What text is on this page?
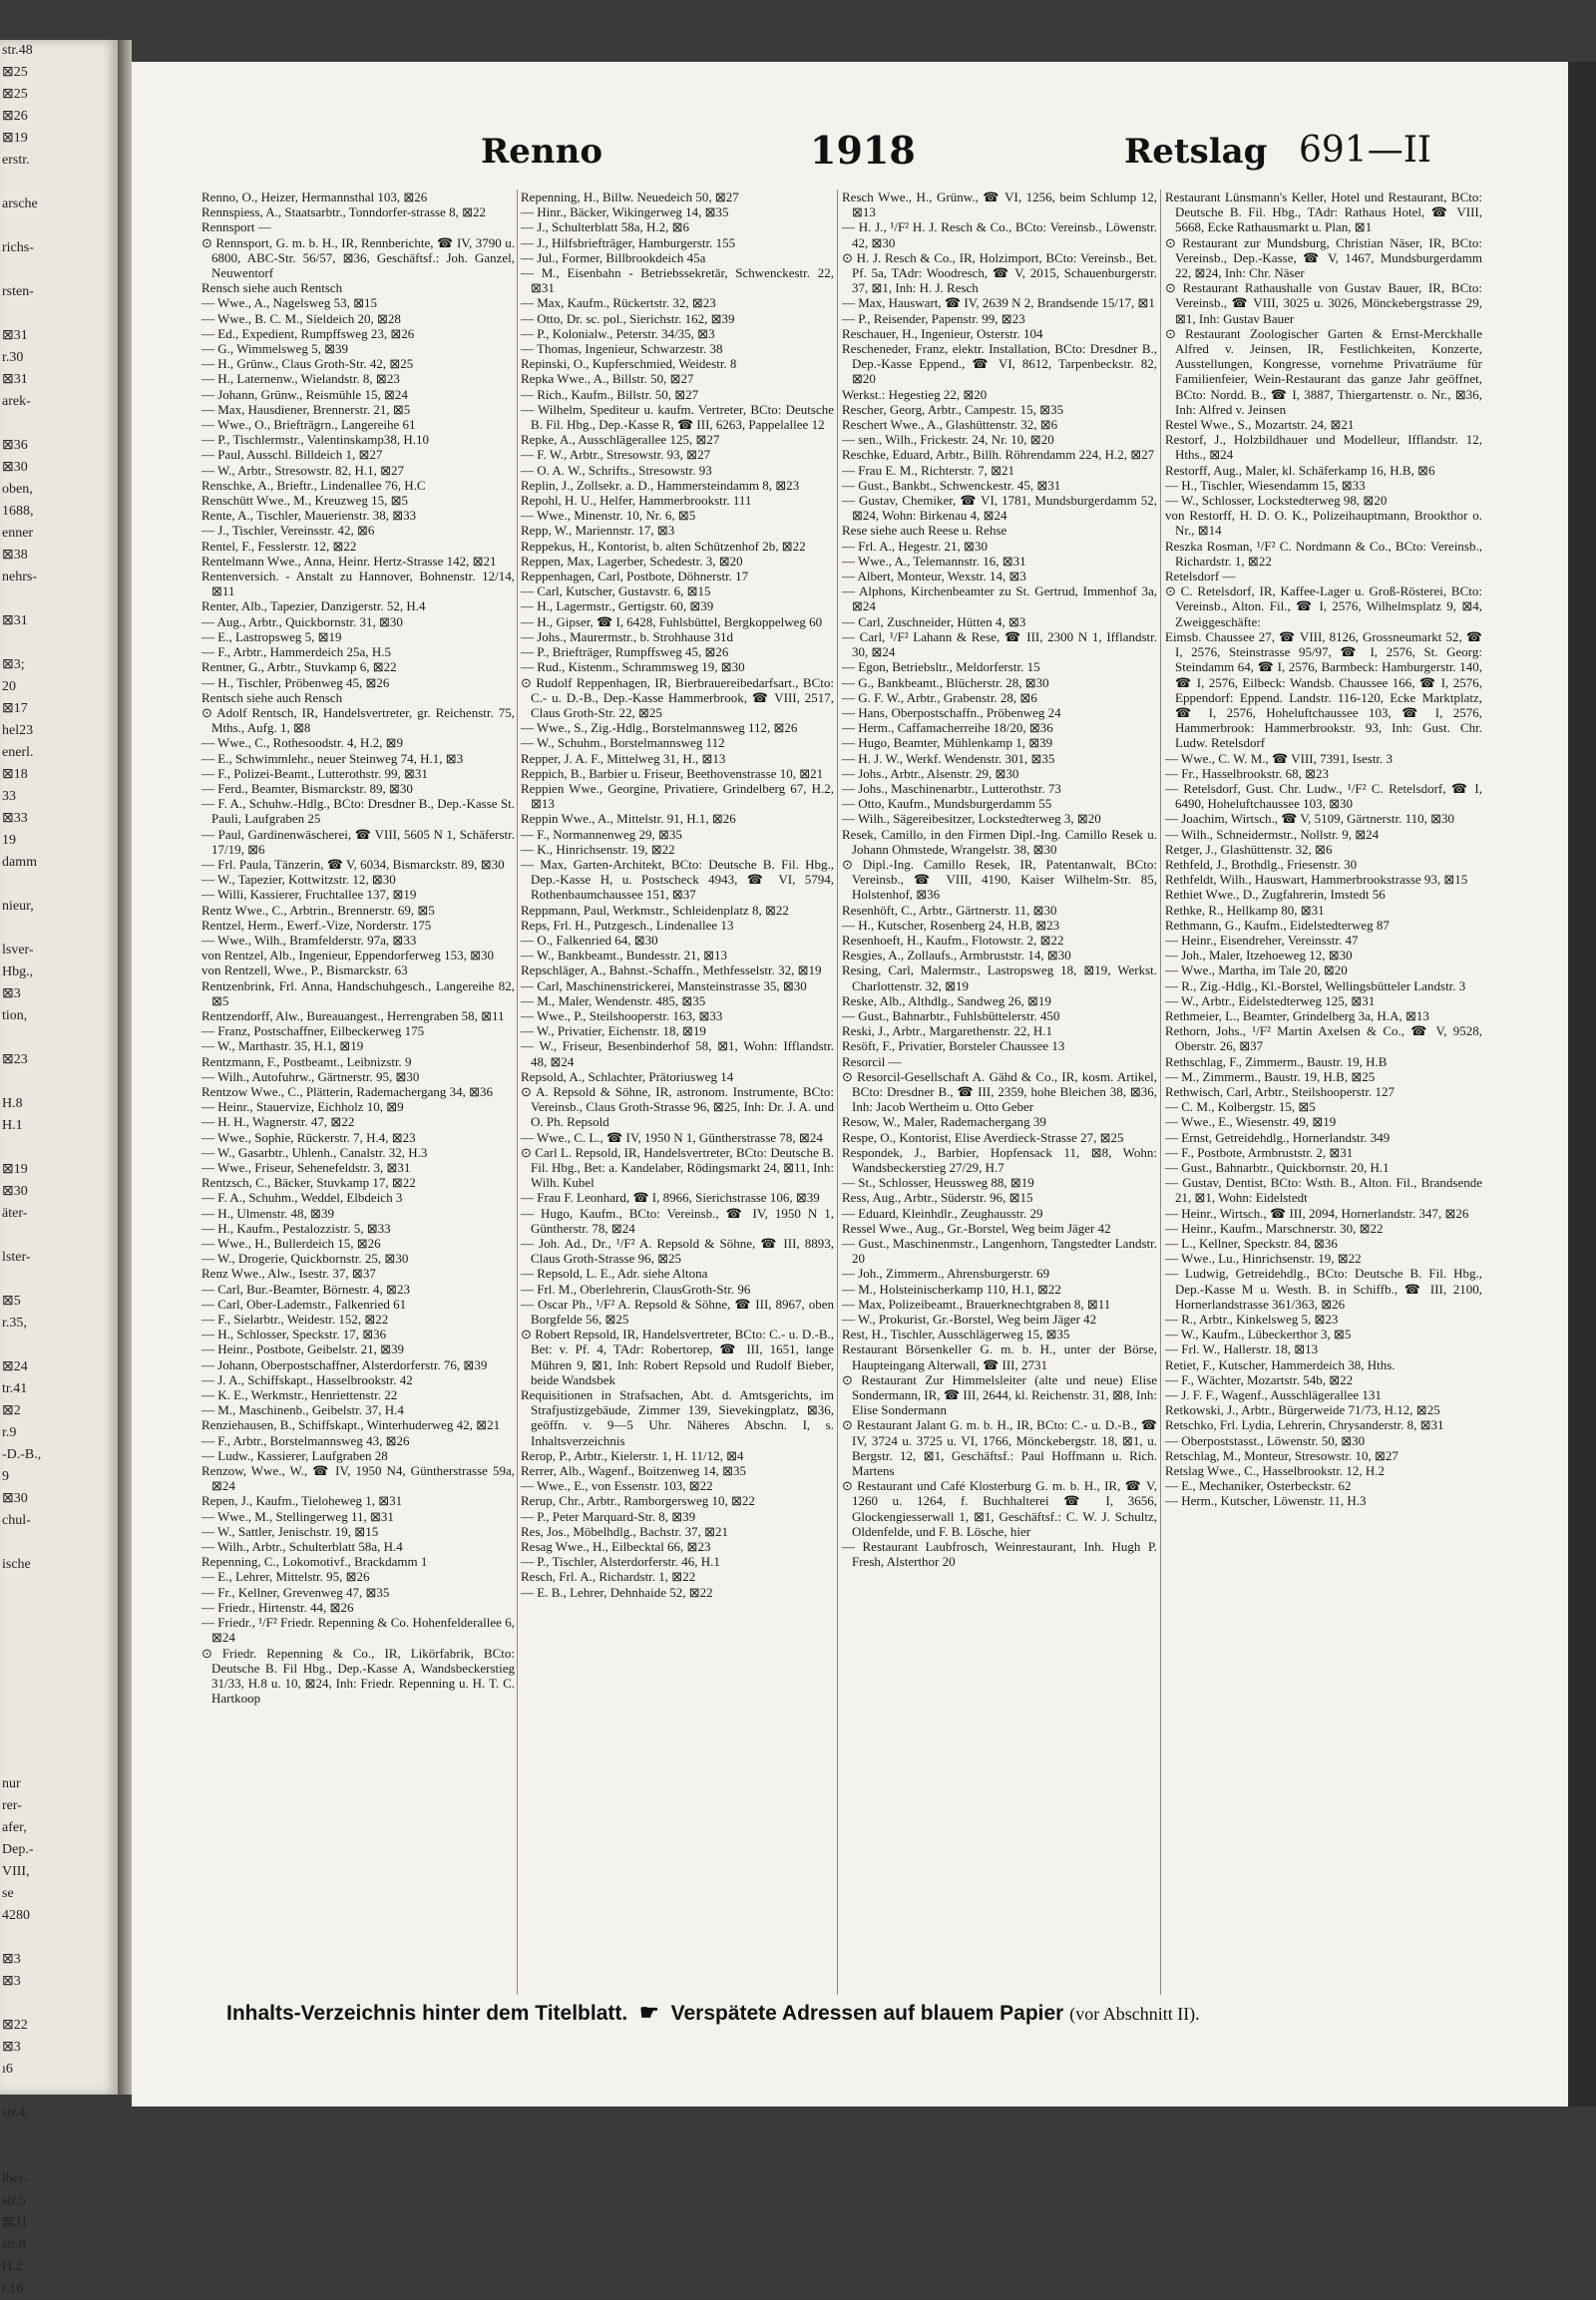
str.48
⊠25
⊠25
⊠26
⊠19
erstr.

arsche

richs-

rsten-

⊠31
r.30
⊠31
arek-

⊠36
⊠30
oben,
1688,
enner
⊠38
nehrs-

⊠31

⊠3;
20
⊠17
hel23
enerl.
⊠18
33
⊠33
19
damm

nieur,

lsver-
Hbg.,
⊠3
tion,

⊠23

H.8
H.1

⊠19
⊠30
äter-

lster-

⊠5
r.35,

⊠24
tr.41
⊠2
r.9
-D.-B.,
9
⊠30
chul-

ische

nur
rer-
afer,
Dep.-
VIII,
se
4280

⊠3
⊠3

⊠22
⊠3
ı6

str.4,

lber-
str.5
⊠31
str.8
H.2
r.16
Renno	1918	Retslag 691—II
Renno, O., Heizer, Hermannsthal 103, ⊠26
Rennspiess, A., Staatsarbtr., Tonndorfer-strasse 8, ⊠22
Rennsport —
⊙ Rennsport, G. m. b. H., IR, Rennberichte, ☎ IV, 3790 u. 6800, ABC-Str. 56/57, ⊠36, Geschäftsf.: Joh. Ganzel, Neuwentorf
Rensch siehe auch Rentsch
— Wwe., A., Nagelsweg 53, ⊠15
— Wwe., B. C. M., Sieldeich 20, ⊠28
— Ed., Expedient, Rumpffsweg 23, ⊠26
— G., Wimmelsweg 5, ⊠39
— H., Grünw., Claus Groth-Str. 42, ⊠25
— H., Laternenw., Wielandstr. 8, ⊠23
— Johann, Grünw., Reismühle 15, ⊠24
— Max, Hausdiener, Brennerstr. 21, ⊠5
— Wwe., O., Briefträgrn., Langereihe 61
— P., Tischlermstr., Valentinskamp38, H.10
— Paul, Ausschl. Billdeich 1, ⊠27
— W., Arbtr., Stresowstr. 82, H.1, ⊠27
Renschke, A., Brieftr., Lindenallee 76, H.C
Renschütt Wwe., M., Kreuzweg 15, ⊠5
Rente, A., Tischler, Mauerienstr. 38, ⊠33
— J., Tischler, Vereinsstr. 42, ⊠6
Rentel, F., Fesslerstr. 12, ⊠22
Rentelmann Wwe., Anna, Heinr. Hertz-Strasse 142, ⊠21
Rentenversich. - Anstalt zu Hannover, Bohnenstr. 12/14, ⊠11
Renter, Alb., Tapezier, Danzigerstr. 52, H.4
— Aug., Arbtr., Quickbornstr. 31, ⊠30
— E., Lastropsweg 5, ⊠19
— F., Arbtr., Hammerdeich 25a, H.5
Rentner, G., Arbtr., Stuvkamp 6, ⊠22
— H., Tischler, Pröbenweg 45, ⊠26
Rentsch siehe auch Rensch
⊙ Adolf Rentsch, IR, Handelsvertreter, gr. Reichenstr. 75, Mths., Aufg. 1, ⊠8
— Wwe., C., Rothesoodstr. 4, H.2, ⊠9
— E., Schwimmlehr., neuer Steinweg 74, H.1, ⊠3
— F., Polizei-Beamt., Lutterothstr. 99, ⊠31
— Ferd., Beamter, Bismarckstr. 89, ⊠30
— F. A., Schuhw.-Hdlg., BCto: Dresdner B., Dep.-Kasse St. Pauli, Laufgraben 25
— Paul, Gardinenwäscherei, ☎ VIII, 5605 N 1, Schäferstr. 17/19, ⊠6
— Frl. Paula, Tänzerin, ☎ V, 6034, Bismarckstr. 89, ⊠30
— W., Tapezier, Kottwitzstr. 12, ⊠30
— Willi, Kassierer, Fruchtallee 137, ⊠19
Rentz Wwe., C., Arbtrin., Brennerstr. 69, ⊠5
Rentzel, Herm., Ewerf.-Vize, Norderstr. 175
— Wwe., Wilh., Bramfelderstr. 97a, ⊠33
von Rentzel, Alb., Ingenieur, Eppendorferweg 153, ⊠30
von Rentzell, Wwe., P., Bismarckstr. 63
Rentzenbrink, Frl. Anna, Handschuhgesch., Langereihe 82, ⊠5
Rentzendorff, Alw., Bureauangest., Herrengraben 58, ⊠11
— Franz, Postschaffner, Eilbeckerweg 175
— W., Marthastr. 35, H.1, ⊠19
Rentzmann, F., Postbeamt., Leibnizstr. 9
— Wilh., Autofuhrw., Gärtnerstr. 95, ⊠30
Rentzow Wwe., C., Plätterin, Rademachergang 34, ⊠36
— Heinr., Stauervize, Eichholz 10, ⊠9
— H. H., Wagnerstr. 47, ⊠22
— Wwe., Sophie, Rückerstr. 7, H.4, ⊠23
— W., Gasarbtr., Uhlenh., Canalstr. 32, H.3
— Wwe., Friseur, Sehenefeldstr. 3, ⊠31
Rentzsch, C., Bäcker, Stuvkamp 17, ⊠22
— F. A., Schuhm., Weddel, Elbdeich 3
— H., Ulmenstr. 48, ⊠39
— H., Kaufm., Pestalozzistr. 5, ⊠33
— Wwe., H., Bullerdeich 15, ⊠26
— W., Drogerie, Quickbornstr. 25, ⊠30
Renz Wwe., Alw., Isestr. 37, ⊠37
— Carl, Bur.-Beamter, Börnestr. 4, ⊠23
— Carl, Ober-Lademstr., Falkenried 61
— F., Sielarbtr., Weidestr. 152, ⊠22
— H., Schlosser, Speckstr. 17, ⊠36
— Heinr., Postbote, Geibelstr. 21, ⊠39
— Johann, Oberpostschaffner, Alsterdorferstr. 76, ⊠39
— J. A., Schiffskapt., Hasselbrookstr. 42
— K. E., Werkmstr., Henriettenstr. 22
— M., Maschinenb., Geibelstr. 37, H.4
Renziehausen, B., Schiffskapt., Winterhuderweg 42, ⊠21
— F., Arbtr., Borstelmannsweg 43, ⊠26
— Ludw., Kassierer, Laufgraben 28
Renzow, Wwe., W., ☎ IV, 1950 N4, Güntherstrasse 59a, ⊠24
Repen, J., Kaufm., Tieloheweg 1, ⊠31
— Wwe., M., Stellingerweg 11, ⊠31
— W., Sattler, Jenischstr. 19, ⊠15
— Wilh., Arbtr., Schulterblatt 58a, H.4
Repenning, C., Lokomotivf., Brackdamm 1
— E., Lehrer, Mittelstr. 95, ⊠26
— Fr., Kellner, Grevenweg 47, ⊠35
— Friedr., Hirtenstr. 44, ⊠26
— Friedr., ¹/F² Friedr. Repenning & Co. Hohenfelderallee 6, ⊠24
⊙ Friedr. Repenning & Co., IR, Likörfabrik, BCto: Deutsche B. Fil Hbg., Dep.-Kasse A, Wandsbeckerstieg 31/33, H.8 u. 10, ⊠24, Inh: Friedr. Repenning u. H. T. C. Hartkoop
Repenning, H., Billw. Neuedeich 50, ⊠27
— Hinr., Bäcker, Wikingerweg 14, ⊠35
— J., Schulterblatt 58a, H.2, ⊠6
— J., Hilfsbriefträger, Hamburgerstr. 155
— Jul., Former, Billbrookdeich 45a
— M., Eisenbahn - Betriebssekretär, Schwenckestr. 22, ⊠31
— Max, Kaufm., Rückertstr. 32, ⊠23
— Otto, Dr. sc. pol., Sierichstr. 162, ⊠39
— P., Kolonialw., Peterstr. 34/35, ⊠3
— Thomas, Ingenieur, Schwarzestr. 38
Repinski, O., Kupferschmied, Weidestr. 8
Repka Wwe., A., Billstr. 50, ⊠27
— Rich., Kaufm., Billstr. 50, ⊠27
— Wilhelm, Spediteur u. kaufm. Vertreter, BCto: Deutsche B. Fil. Hbg., Dep.-Kasse R, ☎ III, 6263, Pappelallee 12
Repke, A., Ausschlägerallee 125, ⊠27
— F. W., Arbtr., Stresowstr. 93, ⊠27
— O. A. W., Schrifts., Stresowstr. 93
Replin, J., Zollsekr. a. D., Hammersteindamm 8, ⊠23
Repohl, H. U., Helfer, Hammerbrookstr. 111
— Wwe., Minenstr. 10, Nr. 6, ⊠5
Repp, W., Mariennstr. 17, ⊠3
Reppekus, H., Kontorist, b. alten Schützenhof 2b, ⊠22
Reppen, Max, Lagerber, Schedestr. 3, ⊠20
Reppenhagen, Carl, Postbote, Döhnerstr. 17
— Carl, Kutscher, Gustavstr. 6, ⊠15
— H., Lagermstr., Gertigstr. 60, ⊠39
— H., Gipser, ☎ I, 6428, Fuhlsbüttel, Bergkoppelweg 60
— Johs., Maurermstr., b. Strohhause 31d
— P., Briefträger, Rumpffsweg 45, ⊠26
— Rud., Kistenm., Schrammsweg 19, ⊠30
⊙ Rudolf Reppenhagen, IR, Bierbrauereibedarfsart., BCto: C.- u. D.-B., Dep.-Kasse Hammerbrook, ☎ VIII, 2517, Claus Groth-Str. 22, ⊠25
— Wwe., S., Zig.-Hdlg., Borstelmannsweg 112, ⊠26
— W., Schuhm., Borstelmannsweg 112
Repper, J. A. F., Mittelweg 31, H., ⊠13
Reppich, B., Barbier u. Friseur, Beethovenstrasse 10, ⊠21
Reppien Wwe., Georgine, Privatiere, Grindelberg 67, H.2, ⊠13
Reppin Wwe., A., Mittelstr. 91, H.1, ⊠26
— F., Normannenweg 29, ⊠35
— K., Hinrichsenstr. 19, ⊠22
— Max, Garten-Architekt, BCto: Deutsche B. Fil. Hbg., Dep.-Kasse H, u. Postscheck 4943, ☎ VI, 5794, Rothenbaumchaussee 151, ⊠37
Reppmann, Paul, Werkmstr., Schleidenplatz 8, ⊠22
Reps, Frl. H., Putzgesch., Lindenallee 13
— O., Falkenried 64, ⊠30
— W., Bankbeamt., Bundesstr. 21, ⊠13
Repschläger, A., Bahnst.-Schaffn., Methfesselstr. 32, ⊠19
— Carl, Maschinenstrickerei, Mansteinstrasse 35, ⊠30
— M., Maler, Wendenstr. 485, ⊠35
— Wwe., P., Steilshooperstr. 163, ⊠33
— W., Privatier, Eichenstr. 18, ⊠19
— W., Friseur, Besenbinderhof 58, ⊠1, Wohn: Ifflandstr. 48, ⊠24
Repsold, A., Schlachter, Prätoriusweg 14
⊙ A. Repsold & Söhne, IR, astronom. Instrumente, BCto: Vereinsb., Claus Groth-Strasse 96, ⊠25, Inh: Dr. J. A. und O. Ph. Repsold
— Wwe., C. L., ☎ IV, 1950 N 1, Güntherstrasse 78, ⊠24
⊙ Carl L. Repsold, IR, Handelsvertreter, BCto: Deutsche B. Fil. Hbg., Bet: a. Kandelaber, Rödingsmarkt 24, ⊠11, Inh: Wilh. Kubel
— Frau F. Leonhard, ☎ I, 8966, Sierichstrasse 106, ⊠39
— Hugo, Kaufm., BCto: Vereinsb., ☎ IV, 1950 N 1, Güntherstr. 78, ⊠24
— Joh. Ad., Dr., ¹/F² A. Repsold & Söhne, ☎ III, 8893, Claus Groth-Strasse 96, ⊠25
— Repsold, L. E., Adr. siehe Altona
— Frl. M., Oberlehrerin, ClausGroth-Str. 96
— Oscar Ph., ¹/F² A. Repsold & Söhne, ☎ III, 8967, oben Borgfelde 56, ⊠25
⊙ Robert Repsold, IR, Handelsvertreter, BCto: C.- u. D.-B., Bet: v. Pf. 4, TAdr: Robertorep, ☎ III, 1651, lange Mühren 9, ⊠1, Inh: Robert Repsold und Rudolf Bieber, beide Wandsbek
Requisitionen in Strafsachen, Abt. d. Amtsgerichts, im Strafjustizgebäude, Zimmer 139, Sievekingplatz, ⊠36, geöffn. v. 9—5 Uhr. Näheres Abschn. I, s. Inhaltsverzeichnis
Rerop, P., Arbtr., Kielerstr. 1, H. 11/12, ⊠4
Rerrer, Alb., Wagenf., Boitzenweg 14, ⊠35
— Wwe., E., von Essenstr. 103, ⊠22
Rerup, Chr., Arbtr., Ramborgersweg 10, ⊠22
— P., Peter Marquard-Str. 8, ⊠39
Res, Jos., Möbelhdlg., Bachstr. 37, ⊠21
Resag Wwe., H., Eilbecktal 66, ⊠23
— P., Tischler, Alsterdorferstr. 46, H.1
Resch, Frl. A., Richardstr. 1, ⊠22
— E. B., Lehrer, Dehnhaide 52, ⊠22
Resch Wwe., H., Grünw., ☎ VI, 1256, beim Schlump 12, ⊠13
— H. J., ¹/F² H. J. Resch & Co., BCto: Vereinsb., Löwenstr. 42, ⊠30
⊙ H. J. Resch & Co., IR, Holzimport, BCto: Vereinsb., Bet. Pf. 5a, TAdr: Woodresch, ☎ V, 2015, Schauenburgerstr. 37, ⊠1, Inh: H. J. Resch
— Max, Hauswart, ☎ IV, 2639 N 2, Brandsende 15/17, ⊠1
— P., Reisender, Papenstr. 99, ⊠23
Reschauer, H., Ingenieur, Osterstr. 104
Rescheneder, Franz, elektr. Installation, BCto: Dresdner B., Dep.-Kasse Eppend., ☎ VI, 8612, Tarpenbeckstr. 82, ⊠20
Werkst.: Hegestieg 22, ⊠20
Rescher, Georg, Arbtr., Campestr. 15, ⊠35
Reschert Wwe., A., Glashüttenstr. 32, ⊠6
— sen., Wilh., Frickestr. 24, Nr. 10, ⊠20
Reschke, Eduard, Arbtr., Billh. Röhrendamm 224, H.2, ⊠27
— Frau E. M., Richterstr. 7, ⊠21
— Gust., Bankbt., Schwenckestr. 45, ⊠31
— Gustav, Chemiker, ☎ VI, 1781, Mundsburgerdamm 52, ⊠24, Wohn: Birkenau 4, ⊠24
Rese siehe auch Reese u. Rehse
— Frl. A., Hegestr. 21, ⊠30
— Wwe., A., Telemannstr. 16, ⊠31
— Albert, Monteur, Wexstr. 14, ⊠3
— Alphons, Kirchenbeamter zu St. Gertrud, Immenhof 3a, ⊠24
— Carl, Zuschneider, Hütten 4, ⊠3
— Carl, ¹/F² Lahann & Rese, ☎ III, 2300 N 1, Ifflandstr. 30, ⊠24
— Egon, Betriebsltr., Meldorferstr. 15
— G., Bankbeamt., Blücherstr. 28, ⊠30
— G. F. W., Arbtr., Grabenstr. 28, ⊠6
— Hans, Oberpostschaffn., Pröbenweg 24
— Herm., Caffamacherreihe 18/20, ⊠36
— Hugo, Beamter, Mühlenkamp 1, ⊠39
— H. J. W., Werkf. Wendenstr. 301, ⊠35
— Johs., Arbtr., Alsenstr. 29, ⊠30
— Johs., Maschinenarbtr., Lutterothstr. 73
— Otto, Kaufm., Mundsburgerdamm 55
— Wilh., Sägereibesitzer, Lockstedterweg 3, ⊠20
Resek, Camillo, in den Firmen Dipl.-Ing. Camillo Resek u. Johann Ohmstede, Wrangelstr. 38, ⊠30
⊙ Dipl.-Ing. Camillo Resek, IR, Patentanwalt, BCto: Vereinsb., ☎ VIII, 4190, Kaiser Wilhelm-Str. 85, Holstenhof, ⊠36
Resenhöft, C., Arbtr., Gärtnerstr. 11, ⊠30
— H., Kutscher, Rosenberg 24, H.B, ⊠23
Resenhoeft, H., Kaufm., Flotowstr. 2, ⊠22
Resgies, A., Zollaufs., Armbruststr. 14, ⊠30
Resing, Carl, Malermstr., Lastropsweg 18, ⊠19, Werkst. Charlottenstr. 32, ⊠19
Reske, Alb., Althdlg., Sandweg 26, ⊠19
— Gust., Bahnarbtr., Fuhlsbüttelerstr. 450
Reski, J., Arbtr., Margarethenstr. 22, H.1
Resöft, F., Privatier, Borsteler Chaussee 13
Resorcil —
⊙ Resorcil-Gesellschaft A. Gähd & Co., IR, kosm. Artikel, BCto: Dresdner B., ☎ III, 2359, hohe Bleichen 38, ⊠36, Inh: Jacob Wertheim u. Otto Geber
Resow, W., Maler, Rademachergang 39
Respe, O., Kontorist, Elise Averdieck-Strasse 27, ⊠25
Respondek, J., Barbier, Hopfensack 11, ⊠8, Wohn: Wandsbeckerstieg 27/29, H.7
— St., Schlosser, Heussweg 88, ⊠19
Ress, Aug., Arbtr., Süderstr. 96, ⊠15
— Eduard, Kleinhdlr., Zeughausstr. 29
Ressel Wwe., Aug., Gr.-Borstel, Weg beim Jäger 42
— Gust., Maschinenmstr., Langenhorn, Tangstedter Landstr. 20
— Joh., Zimmerm., Ahrensburgerstr. 69
— M., Holsteinischerkamp 110, H.1, ⊠22
— Max, Polizeibeamt., Brauerknechtgraben 8, ⊠11
— W., Prokurist, Gr.-Borstel, Weg beim Jäger 42
Rest, H., Tischler, Ausschlägerweg 15, ⊠35
Restaurant Börsenkeller G. m. b. H., unter der Börse, Haupteingang Alterwall, ☎ III, 2731
⊙ Restaurant Zur Himmelsleiter (alte und neue) Elise Sondermann, IR, ☎ III, 2644, kl. Reichenstr. 31, ⊠8, Inh: Elise Sondermann
⊙ Restaurant Jalant G. m. b. H., IR, BCto: C.- u. D.-B., ☎ IV, 3724 u. 3725 u. VI, 1766, Mönckebergstr. 18, ⊠1, u. Bergstr. 12, ⊠1, Geschäftsf.: Paul Hoffmann u. Rich. Martens
⊙ Restaurant und Café Klosterburg G. m. b. H., IR, ☎ V, 1260 u. 1264, f. Buchhalterei ☎ I, 3656, Glockengiesserwall 1, ⊠1, Geschäftsf.: C. W. J. Schultz, Oldenfelde, und F. B. Lösche, hier
— Restaurant Laubfrosch, Weinrestaurant, Inh. Hugh P. Fresh, Alsterthor 20
Restaurant Lünsmann's Keller, Hotel und Restaurant, BCto: Deutsche B. Fil. Hbg., TAdr: Rathaus Hotel, ☎ VIII, 5668, Ecke Rathausmarkt u. Plan, ⊠1
⊙ Restaurant zur Mundsburg, Christian Näser, IR, BCto: Vereinsb., Dep.-Kasse, ☎ V, 1467, Mundsburgerdamm 22, ⊠24, Inh: Chr. Näser
⊙ Restaurant Rathaushalle von Gustav Bauer, IR, BCto: Vereinsb., ☎ VIII, 3025 u. 3026, Mönckebergstrasse 29, ⊠1, Inh: Gustav Bauer
⊙ Restaurant Zoologischer Garten & Ernst-Merckhalle Alfred v. Jeinsen, IR, Festlichkeiten, Konzerte, Ausstellungen, Kongresse, vornehme Privaträume für Familienfeier, Wein-Restaurant das ganze Jahr geöffnet, BCto: Nordd. B., ☎ I, 3887, Thiergartenstr. o. Nr., ⊠36, Inh: Alfred v. Jeinsen
Restel Wwe., S., Mozartstr. 24, ⊠21
Restorf, J., Holzbildhauer und Modelleur, Ifflandstr. 12, Hths., ⊠24
Restorff, Aug., Maler, kl. Schäferkamp 16, H.B, ⊠6
— H., Tischler, Wiesendamm 15, ⊠33
— W., Schlosser, Lockstedterweg 98, ⊠20
von Restorff, H. D. O. K., Polizeihauptmann, Brookthor o. Nr., ⊠14
Reszka Rosman, ¹/F² C. Nordmann & Co., BCto: Vereinsb., Richardstr. 1, ⊠22
Retelsdorf —
⊙ C. Retelsdorf, IR, Kaffee-Lager u. Groß-Rösterei, BCto: Vereinsb., Alton. Fil., ☎ I, 2576, Wilhelmsplatz 9, ⊠4, Zweiggeschäfte:
Eimsb. Chaussee 27, ☎ VIII, 8126, Grossneumarkt 52, ☎ I, 2576, Steinstrasse 95/97, ☎ I, 2576, St. Georg: Steindamm 64, ☎ I, 2576, Barmbeck: Hamburgerstr. 140, ☎ I, 2576, Eilbeck: Wandsb. Chaussee 166, ☎ I, 2576, Eppendorf: Eppend. Landstr. 116-120, Ecke Marktplatz, ☎ I, 2576, Hoheluftchaussee 103, ☎ I, 2576, Hammerbrook: Hammerbrookstr. 93, Inh: Gust. Chr. Ludw. Retelsdorf
— Wwe., C. W. M., ☎ VIII, 7391, Isestr. 3
— Fr., Hasselbrookstr. 68, ⊠23
— Retelsdorf, Gust. Chr. Ludw., ¹/F² C. Retelsdorf, ☎ I, 6490, Hoheluftchaussee 103, ⊠30
— Joachim, Wirtsch., ☎ V, 5109, Gärtnerstr. 110, ⊠30
— Wilh., Schneidermstr., Nollstr. 9, ⊠24
Retger, J., Glashüttenstr. 32, ⊠6
Rethfeld, J., Brothdlg., Friesenstr. 30
Rethfeldt, Wilh., Hauswart, Hammerbrookstrasse 93, ⊠15
Rethiet Wwe., D., Zugfahrerin, Imstedt 56
Rethke, R., Hellkamp 80, ⊠31
Rethmann, G., Kaufm., Eidelstedterweg 87
— Heinr., Eisendreher, Vereinsstr. 47
— Joh., Maler, Itzehoeweg 12, ⊠30
— Wwe., Martha, im Tale 20, ⊠20
— R., Zig.-Hdlg., Kl.-Borstel, Wellingsbütteler Landstr. 3
— W., Arbtr., Eidelstedterweg 125, ⊠31
Rethmeier, L., Beamter, Grindelberg 3a, H.A, ⊠13
Rethorn, Johs., ¹/F² Martin Axelsen & Co., ☎ V, 9528, Oberstr. 26, ⊠37
Rethschlag, F., Zimmerm., Baustr. 19, H.B
— M., Zimmerm., Baustr. 19, H.B, ⊠25
Rethwisch, Carl, Arbtr., Steilshooperstr. 127
— C. M., Kolbergstr. 15, ⊠5
— Wwe., E., Wiesenstr. 49, ⊠19
— Ernst, Getreidehdlg., Hornerlandstr. 349
— F., Postbote, Armbruststr. 2, ⊠31
— Gust., Bahnarbtr., Quickbornstr. 20, H.1
— Gustav, Dentist, BCto: Wsth. B., Alton. Fil., Brandsende 21, ⊠1, Wohn: Eidelstedt
— Heinr., Wirtsch., ☎ III, 2094, Hornerlandstr. 347, ⊠26
— Heinr., Kaufm., Marschnerstr. 30, ⊠22
— L., Kellner, Speckstr. 84, ⊠36
— Wwe., Lu., Hinrichsenstr. 19, ⊠22
— Ludwig, Getreidehdlg., BCto: Deutsche B. Fil. Hbg., Dep.-Kasse M u. Westh. B. in Schiffb., ☎ III, 2100, Hornerlandstrasse 361/363, ⊠26
— R., Arbtr., Kinkelsweg 5, ⊠23
— W., Kaufm., Lübeckerthor 3, ⊠5
— Frl. W., Hallerstr. 18, ⊠13
Retiet, F., Kutscher, Hammerdeich 38, Hths.
— F., Wächter, Mozartstr. 54b, ⊠22
— J. F. F., Wagenf., Ausschlägerallee 131
Retkowski, J., Arbtr., Bürgerweide 71/73, H.12, ⊠25
Retschko, Frl. Lydia, Lehrerin, Chrysanderstr. 8, ⊠31
— Oberpoststasst., Löwenstr. 50, ⊠30
Retschlag, M., Monteur, Stresowstr. 10, ⊠27
Retslag Wwe., C., Hasselbrookstr. 12, H.2
— E., Mechaniker, Osterbeckstr. 62
— Herm., Kutscher, Löwenstr. 11, H.3
Inhalts-Verzeichnis hinter dem Titelblatt. ☛ Verspätete Adressen auf blauem Papier (vor Abschnitt II).
